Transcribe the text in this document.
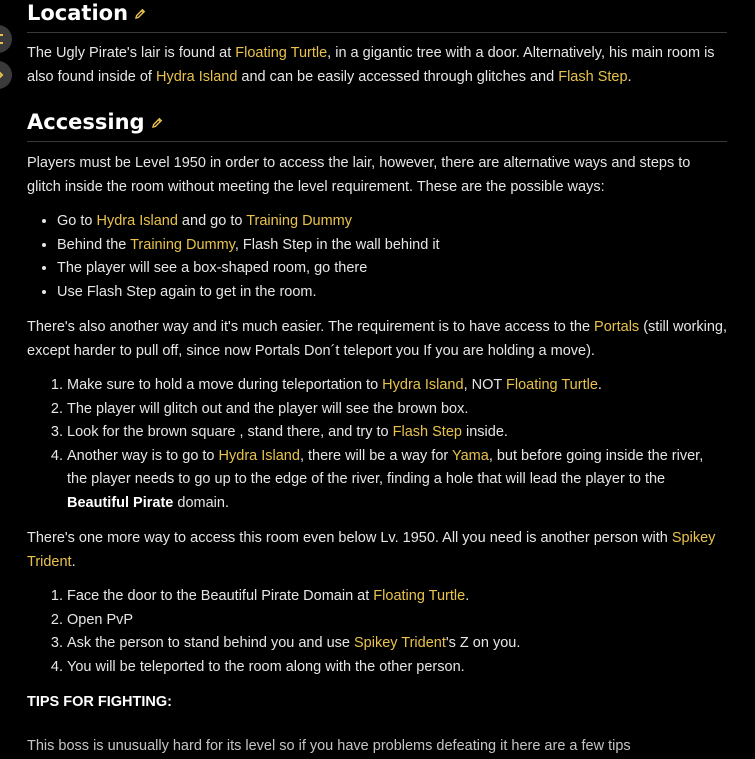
Location

The Ugly Pirate's lair is found at Floating Turtle, in a gigantic tree with a door. Alternatively, his main room is also found inside of Hydra Island and can be easily accessed through glitches and Flash Step.

Accessing

Players must be Level 1950 in order to access the lair, however, there are alternative ways and steps to glitch inside the room without meeting the level requirement. These are the possible ways:

• Go to Hydra Island and go to Training Dummy
• Behind the Training Dummy, Flash Step in the wall behind it
• The player will see a box-shaped room, go there
• Use Flash Step again to get in the room.

There's also another way and it's much easier. The requirement is to have access to the Portals (still working, except harder to pull off, since now Portals Don´t teleport you If you are holding a move).

1. Make sure to hold a move during teleportation to Hydra Island, NOT Floating Turtle.
2. The player will glitch out and the player will see the brown box.
3. Look for the brown square , stand there, and try to Flash Step inside.
4. Another way is to go to Hydra Island, there will be a way for Yama, but before going inside the river, the player needs to go up to the edge of the river, finding a hole that will lead the player to the Beautiful Pirate domain.

There's one more way to access this room even below Lv. 1950. All you need is another person with Spikey Trident.

1. Face the door to the Beautiful Pirate Domain at Floating Turtle.
2. Open PvP
3. Ask the person to stand behind you and use Spikey Trident's Z on you.
4. You will be teleported to the room along with the other person.

TIPS FOR FIGHTING:

This boss is unusually hard for its level so if you have problems defeating it here are a few tips
